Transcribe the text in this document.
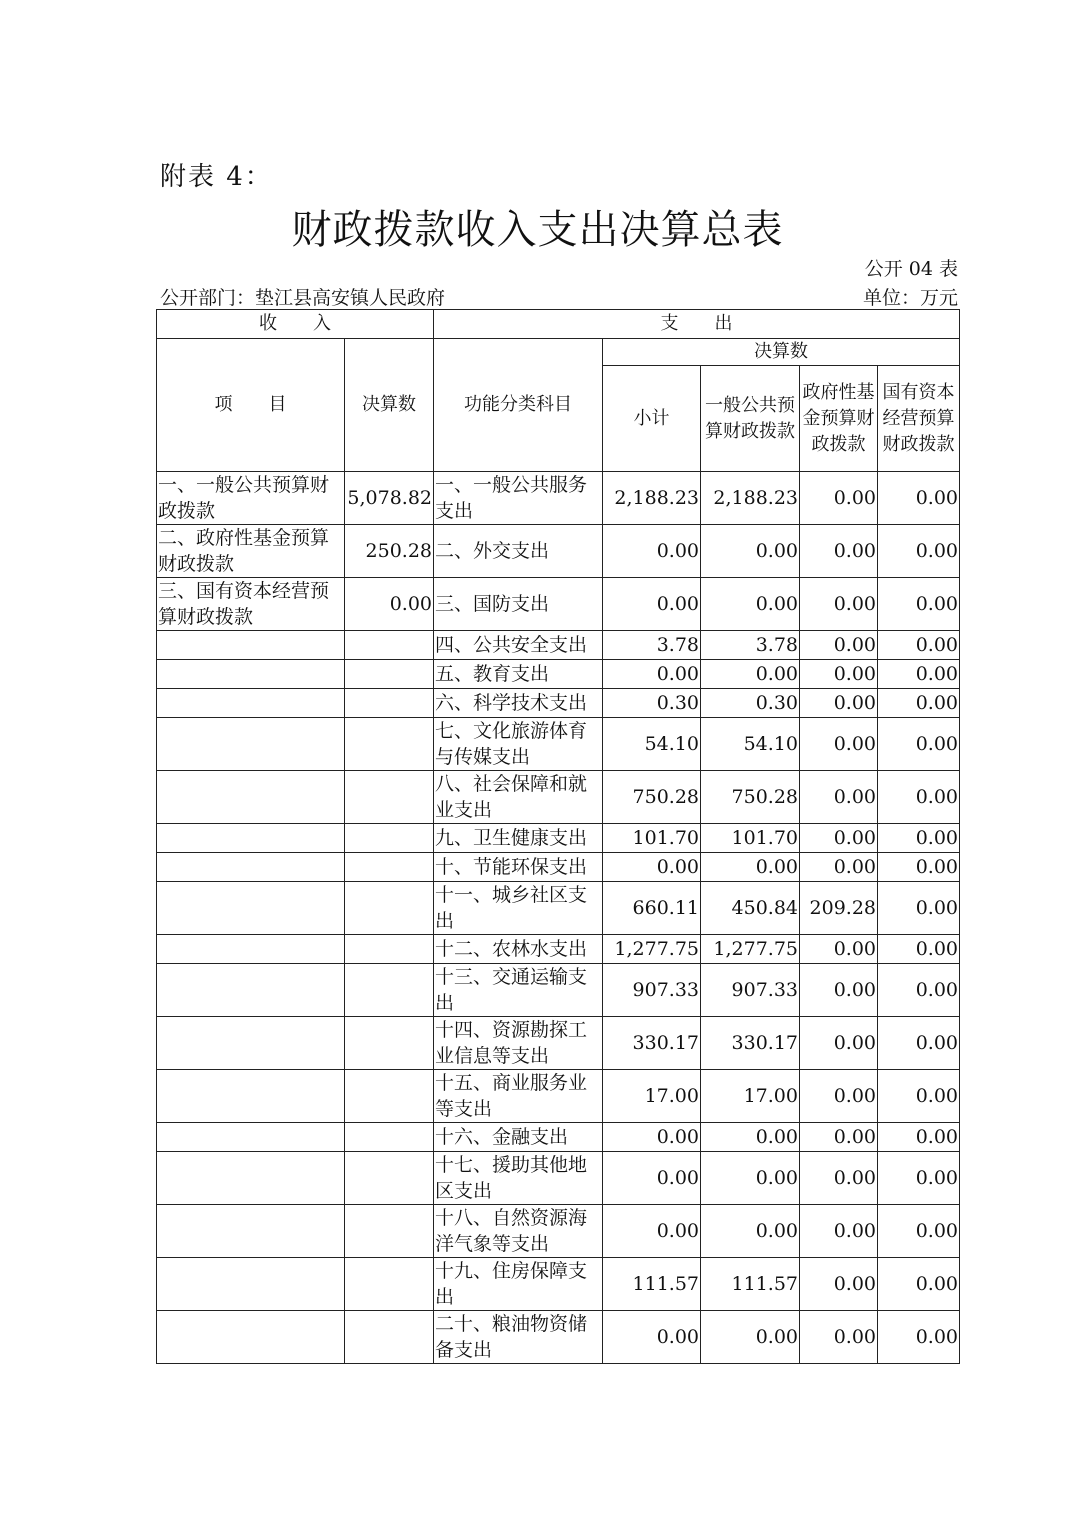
附表 4：
财政拨款收入支出决算总表
公开 04 表
公开部门：垫江县高安镇人民政府	单位：万元
收　　入		支　　出				
项　　目	决算数	功能分类科目	决算数			
			小计	一般公共预算财政拨款	政府性基金预算财政拨款	国有资本经营预算财政拨款
一、一般公共预算财政拨款	5,078.82	一、一般公共服务支出	2,188.23	2,188.23	0.00	0.00
二、政府性基金预算财政拨款	250.28	二、外交支出	0.00	0.00	0.00	0.00
三、国有资本经营预算财政拨款	0.00	三、国防支出	0.00	0.00	0.00	0.00
		四、公共安全支出	3.78	3.78	0.00	0.00
		五、教育支出	0.00	0.00	0.00	0.00
		六、科学技术支出	0.30	0.30	0.00	0.00
		七、文化旅游体育与传媒支出	54.10	54.10	0.00	0.00
		八、社会保障和就业支出	750.28	750.28	0.00	0.00
		九、卫生健康支出	101.70	101.70	0.00	0.00
		十、节能环保支出	0.00	0.00	0.00	0.00
		十一、城乡社区支出	660.11	450.84	209.28	0.00
		十二、农林水支出	1,277.75	1,277.75	0.00	0.00
		十三、交通运输支出	907.33	907.33	0.00	0.00
		十四、资源勘探工业信息等支出	330.17	330.17	0.00	0.00
		十五、商业服务业等支出	17.00	17.00	0.00	0.00
		十六、金融支出	0.00	0.00	0.00	0.00
		十七、援助其他地区支出	0.00	0.00	0.00	0.00
		十八、自然资源海洋气象等支出	0.00	0.00	0.00	0.00
		十九、住房保障支出	111.57	111.57	0.00	0.00
		二十、粮油物资储备支出	0.00	0.00	0.00	0.00
